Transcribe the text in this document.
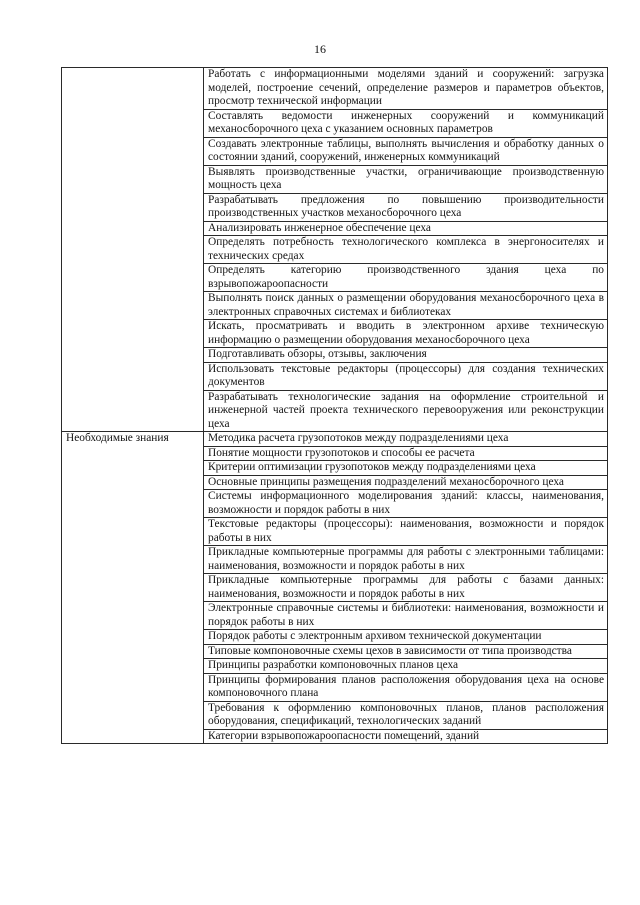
16
	Работать с информационными моделями зданий и сооружений: загрузка моделей, построение сечений, определение размеров и параметров объектов, просмотр технической информации
	Составлять ведомости инженерных сооружений и коммуникаций механосборочного цеха с указанием основных параметров
	Создавать электронные таблицы, выполнять вычисления и обработку данных о состоянии зданий, сооружений, инженерных коммуникаций
	Выявлять производственные участки, ограничивающие производственную мощность цеха
	Разрабатывать предложения по повышению производительности производственных участков механосборочного цеха
	Анализировать инженерное обеспечение цеха
	Определять потребность технологического комплекса в энергоносителях и технических средах
	Определять категорию производственного здания цеха по взрывопожароопасности
	Выполнять поиск данных о размещении оборудования механосборочного цеха в электронных справочных системах и библиотеках
	Искать, просматривать и вводить в электронном архиве техническую информацию о размещении оборудования механосборочного цеха
	Подготавливать обзоры, отзывы, заключения
	Использовать текстовые редакторы (процессоры) для создания технических документов
	Разрабатывать технологические задания на оформление строительной и инженерной частей проекта технического перевооружения или реконструкции цеха
Необходимые знания	Методика расчета грузопотоков между подразделениями цеха
	Понятие мощности грузопотоков и способы ее расчета
	Критерии оптимизации грузопотоков между подразделениями цеха
	Основные принципы размещения подразделений механосборочного цеха
	Системы информационного моделирования зданий: классы, наименования, возможности и порядок работы в них
	Текстовые редакторы (процессоры): наименования, возможности и порядок работы в них
	Прикладные компьютерные программы для работы с электронными таблицами: наименования, возможности и порядок работы в них
	Прикладные компьютерные программы для работы с базами данных: наименования, возможности и порядок работы в них
	Электронные справочные системы и библиотеки: наименования, возможности и порядок работы в них
	Порядок работы с электронным архивом технической документации
	Типовые компоновочные схемы цехов в зависимости от типа производства
	Принципы разработки компоновочных планов цеха
	Принципы формирования планов расположения оборудования цеха на основе компоновочного плана
	Требования к оформлению компоновочных планов, планов расположения оборудования, спецификаций, технологических заданий
	Категории взрывопожароопасности помещений, зданий
